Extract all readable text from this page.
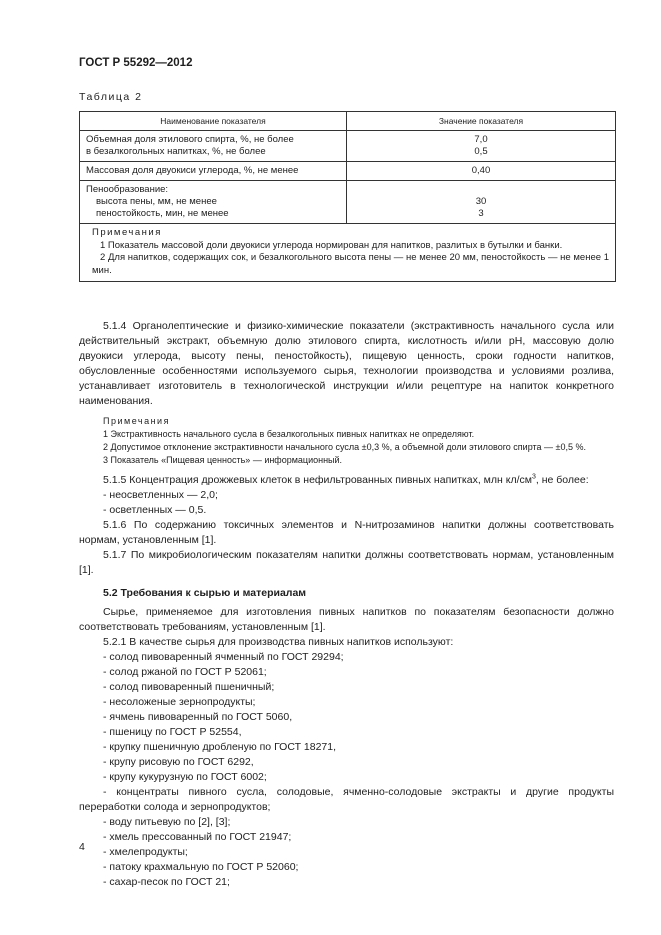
ГОСТ Р 55292—2012
Таблица 2
Наименование показателя	Значение показателя
Объемная доля этилового спирта, %, не более
в безалкогольных напитках, %, не более
7,0
0,5
Массовая доля двуокиси углерода, %, не менее	0,40
Пенообразование:
высота пены, мм, не менее
пеностойкость, мин, не менее

30
3
Примечания
1 Показатель массовой доли двуокиси углерода нормирован для напитков, разлитых в бутылки и банки.
2 Для напитков, содержащих сок, и безалкогольного высота пены — не менее 20 мм, пеностойкость — не менее 1 мин.

5.1.4 Органолептические и физико-химические показатели (экстрактивность начального сусла или действительный экстракт, объемную долю этилового спирта, кислотность и/или pH, массовую долю двуокиси углерода, высоту пены, пеностойкость), пищевую ценность, сроки годности напитков, обусловленные особенностями используемого сырья, технологии производства и условиями розлива, устанавливает изготовитель в технологической инструкции и/или рецептуре на напиток конкретного наименования.

Примечания
1 Экстрактивность начального сусла в безалкогольных пивных напитках не определяют.
2 Допустимое отклонение экстрактивности начального сусла ±0,3 %, а объемной доли этилового спирта — ±0,5 %.
3 Показатель «Пищевая ценность» — информационный.

5.1.5 Концентрация дрожжевых клеток в нефильтрованных пивных напитках, млн $кл/см^3$, не более:

- неосветленных — 2,0;
- осветленных — 0,5.

5.1.6 По содержанию токсичных элементов и N-нитрозаминов напитки должны соответствовать нормам, установленным [1].

5.1.7 По микробиологическим показателям напитки должны соответствовать нормам, установленным [1].

5.2 Требования к сырью и материалам

Сырье, применяемое для изготовления пивных напитков по показателям безопасности должно соответствовать требованиям, установленным [1].

5.2.1 В качестве сырья для производства пивных напитков используют:

- солод пивоваренный ячменный по ГОСТ 29294;
- солод ржаной по ГОСТ Р 52061;
- солод пивоваренный пшеничный;
- несоложеные зернопродукты;
- ячмень пивоваренный по ГОСТ 5060,
- пшеницу по ГОСТ Р 52554,
- крупку пшеничную дробленую по ГОСТ 18271,
- крупу рисовую по ГОСТ 6292,
- крупу кукурузную по ГОСТ 6002;
- концентраты пивного сусла, солодовые, ячменно-солодовые экстракты и другие продукты переработки солода и зернопродуктов;
- воду питьевую по [2], [3];
- хмель прессованный по ГОСТ 21947;
- хмелепродукты;
- патоку крахмальную по ГОСТ Р 52060;
- сахар-песок по ГОСТ 21;
4
